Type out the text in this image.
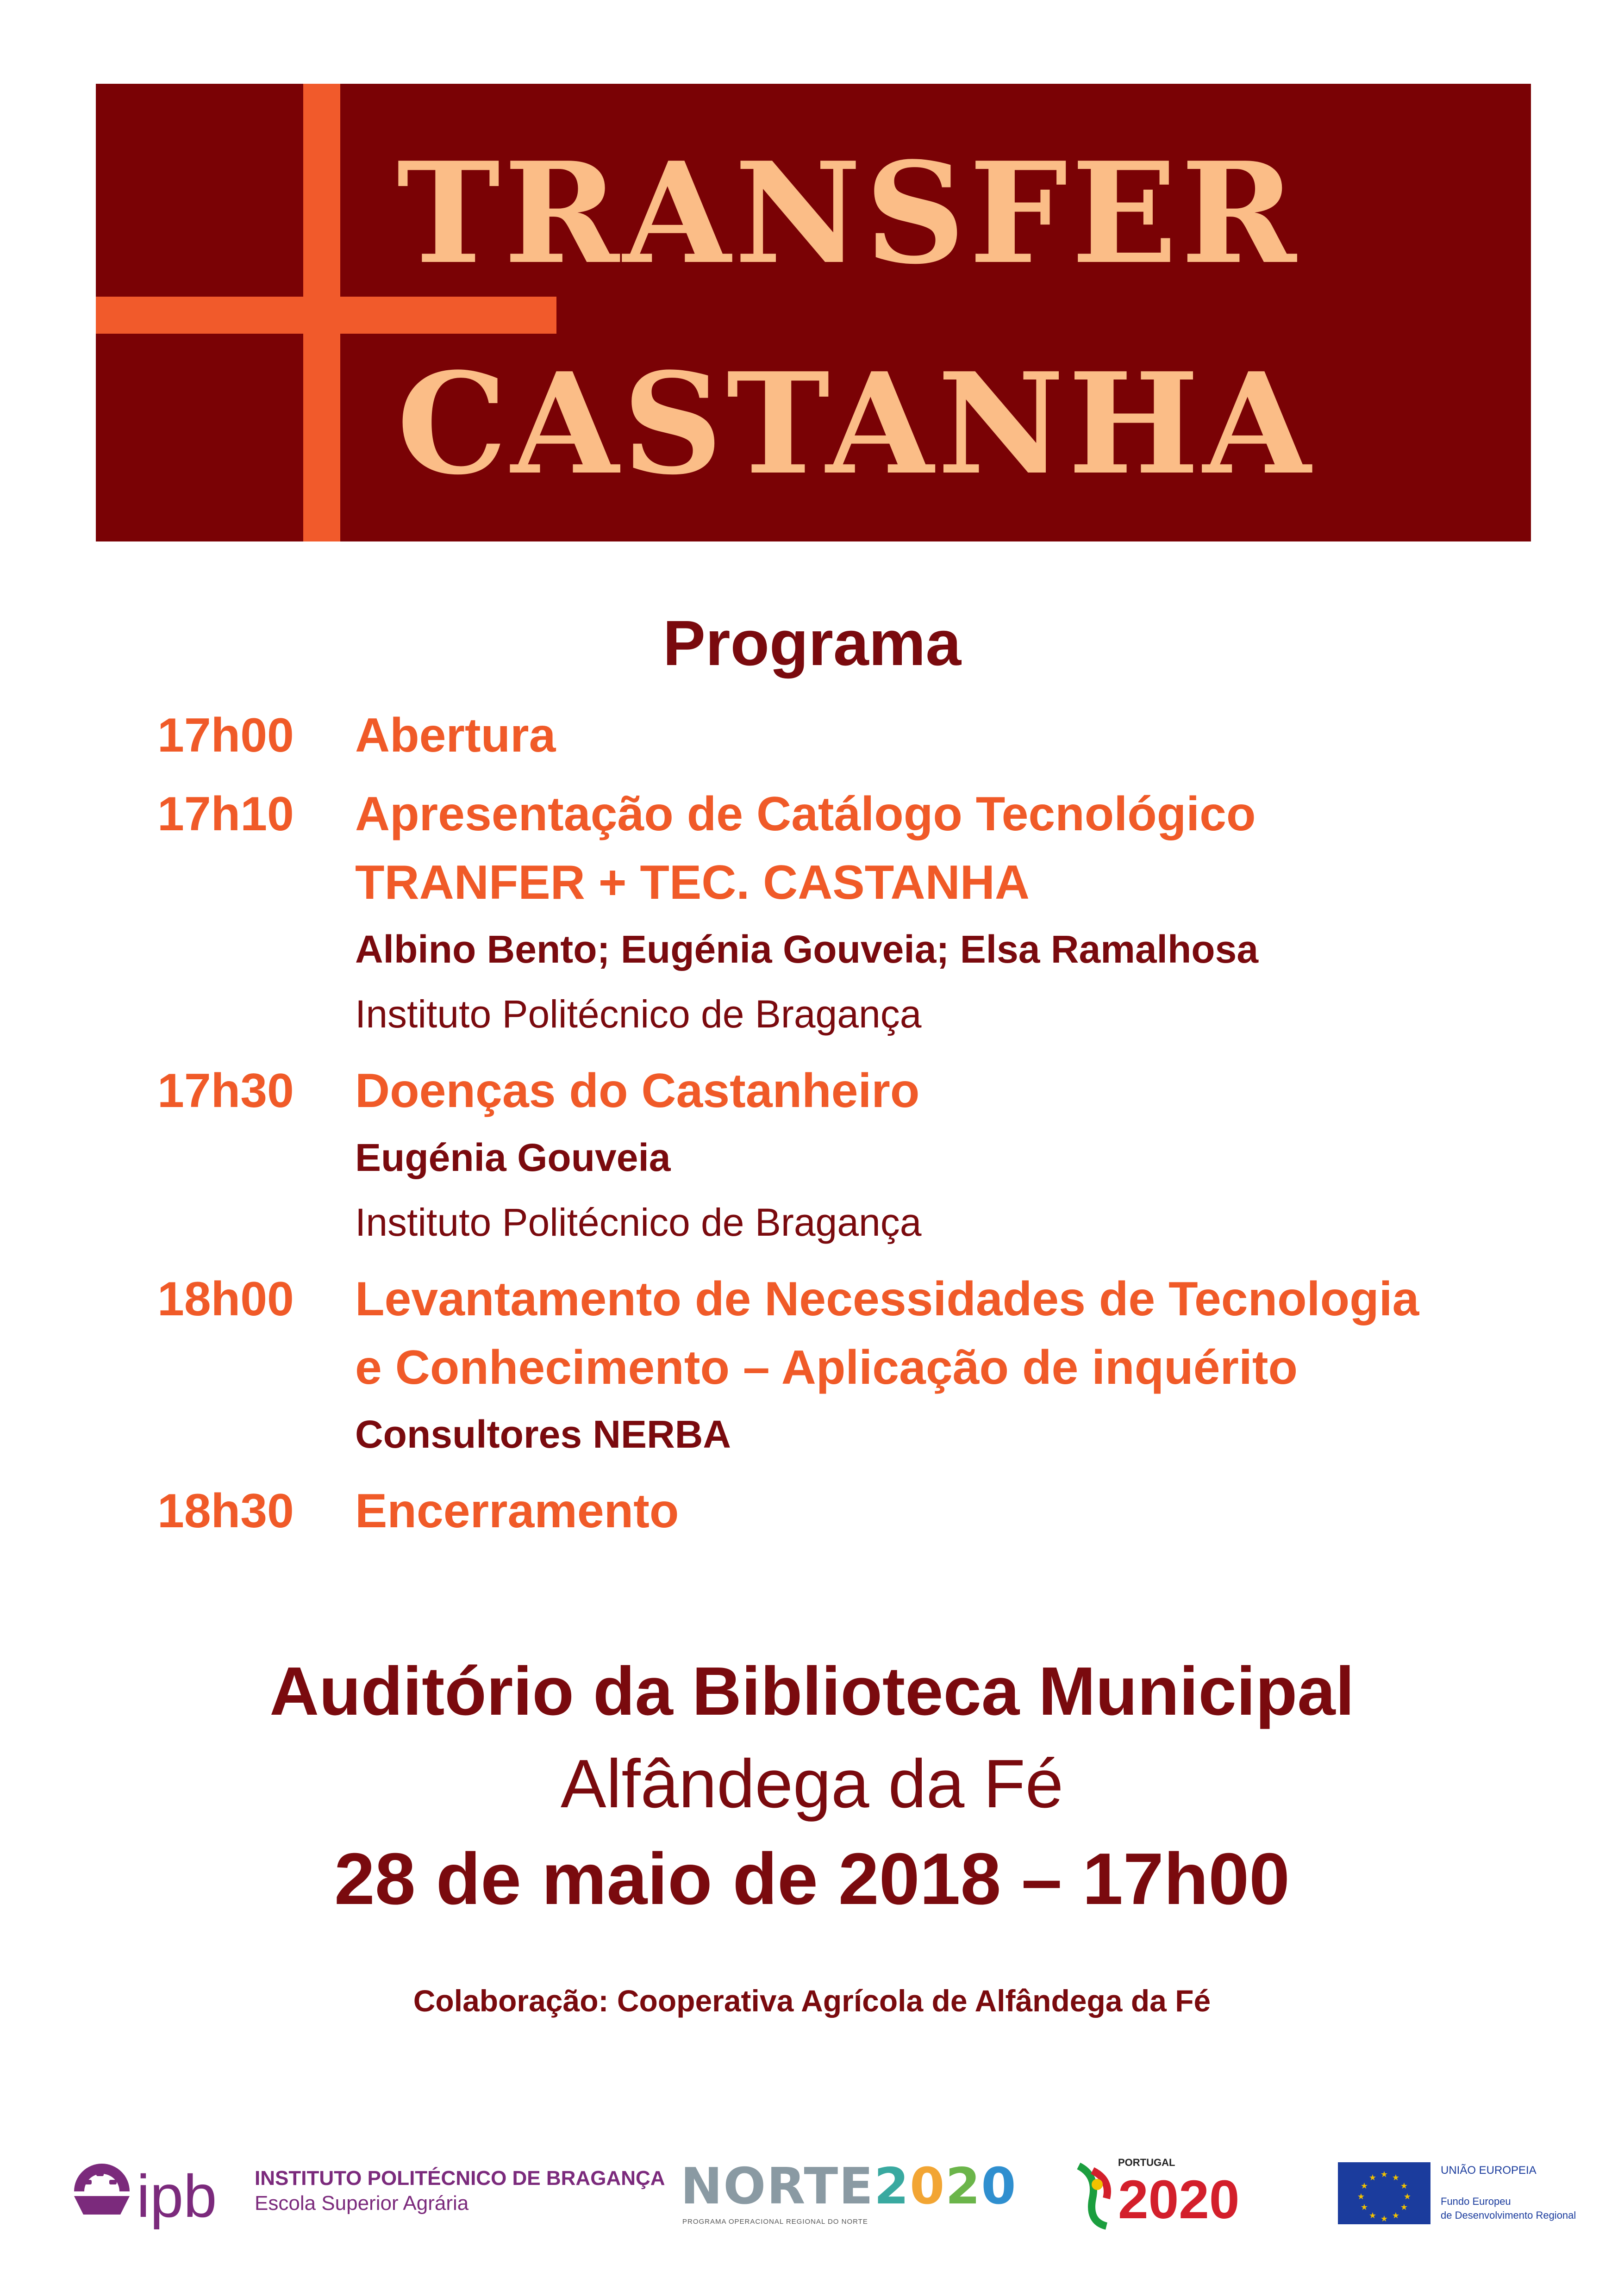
TRANSFER
CASTANHA
Programa
17h00	Abertura
17h10	Apresentação de Catálogo Tecnológico
TRANFER + TEC. CASTANHA
Albino Bento; Eugénia Gouveia; Elsa Ramalhosa
Instituto Politécnico de Bragança
17h30	Doenças do Castanheiro
Eugénia Gouveia
Instituto Politécnico de Bragança
18h00	Levantamento de Necessidades de Tecnologia
e Conhecimento – Aplicação de inquérito
Consultores NERBA
18h30	Encerramento
Auditório da Biblioteca Municipal
Alfândega da Fé
28 de maio de 2018 – 17h00
Colaboração: Cooperativa Agrícola de Alfândega da Fé
ipb INSTITUTO POLITÉCNICO DE BRAGANÇA
Escola Superior Agrária	NORTE2020
PROGRAMA OPERACIONAL REGIONAL DO NORTE
PORTUGAL
2020	★ ★
★
★
★
★
★
★
★
★
★
★
UNIÃO EUROPEIA
Fundo Europeu
de Desenvolvimento Regional
